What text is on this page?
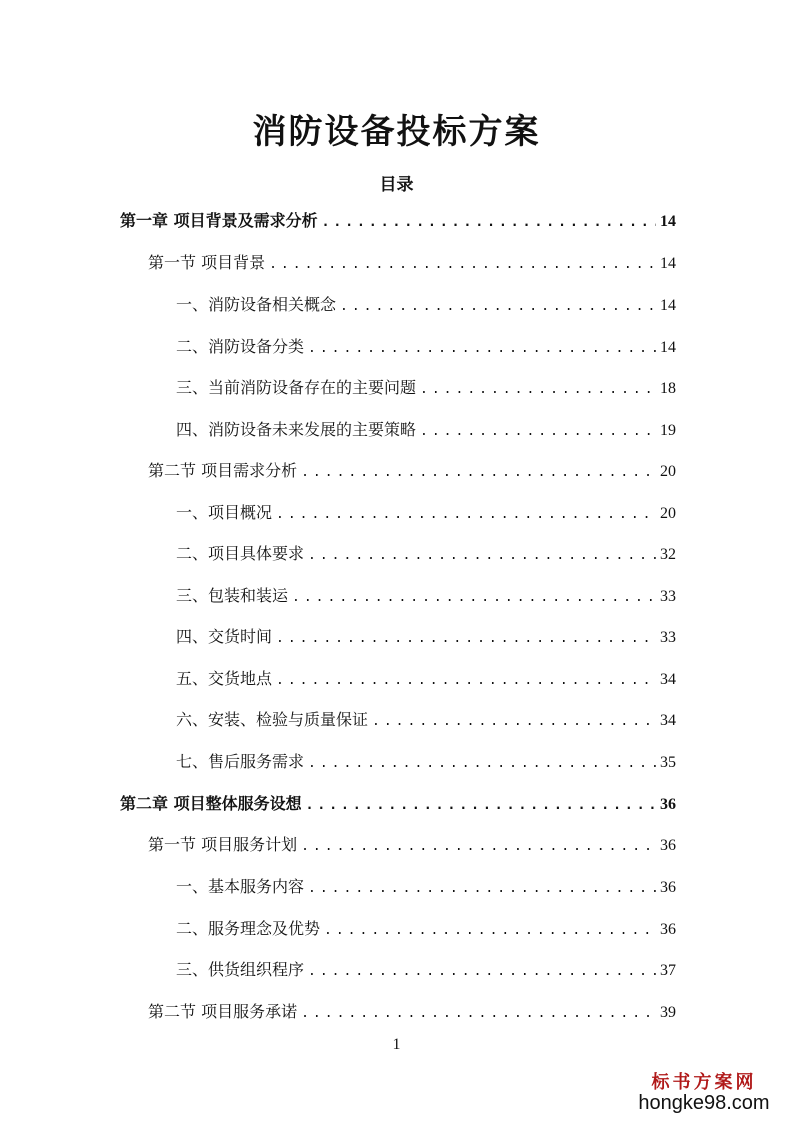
消防设备投标方案
目录
第一章 项目背景及需求分析 .....	14
第一节 项目背景 .....	14
一、消防设备相关概念 .....	14
二、消防设备分类 .....	14
三、当前消防设备存在的主要问题 .....	18
四、消防设备未来发展的主要策略 .....	19
第二节 项目需求分析 .....	20
一、项目概况 .....	20
二、项目具体要求 .....	32
三、包装和装运 .....	33
四、交货时间 .....	33
五、交货地点 .....	34
六、安装、检验与质量保证 .....	34
七、售后服务需求 .....	35
第二章 项目整体服务设想 .....	36
第一节 项目服务计划 .....	36
一、基本服务内容 .....	36
二、服务理念及优势 .....	36
三、供货组织程序 .....	37
第二节 项目服务承诺 .....	39
1
标书方案网
hongke98.com
